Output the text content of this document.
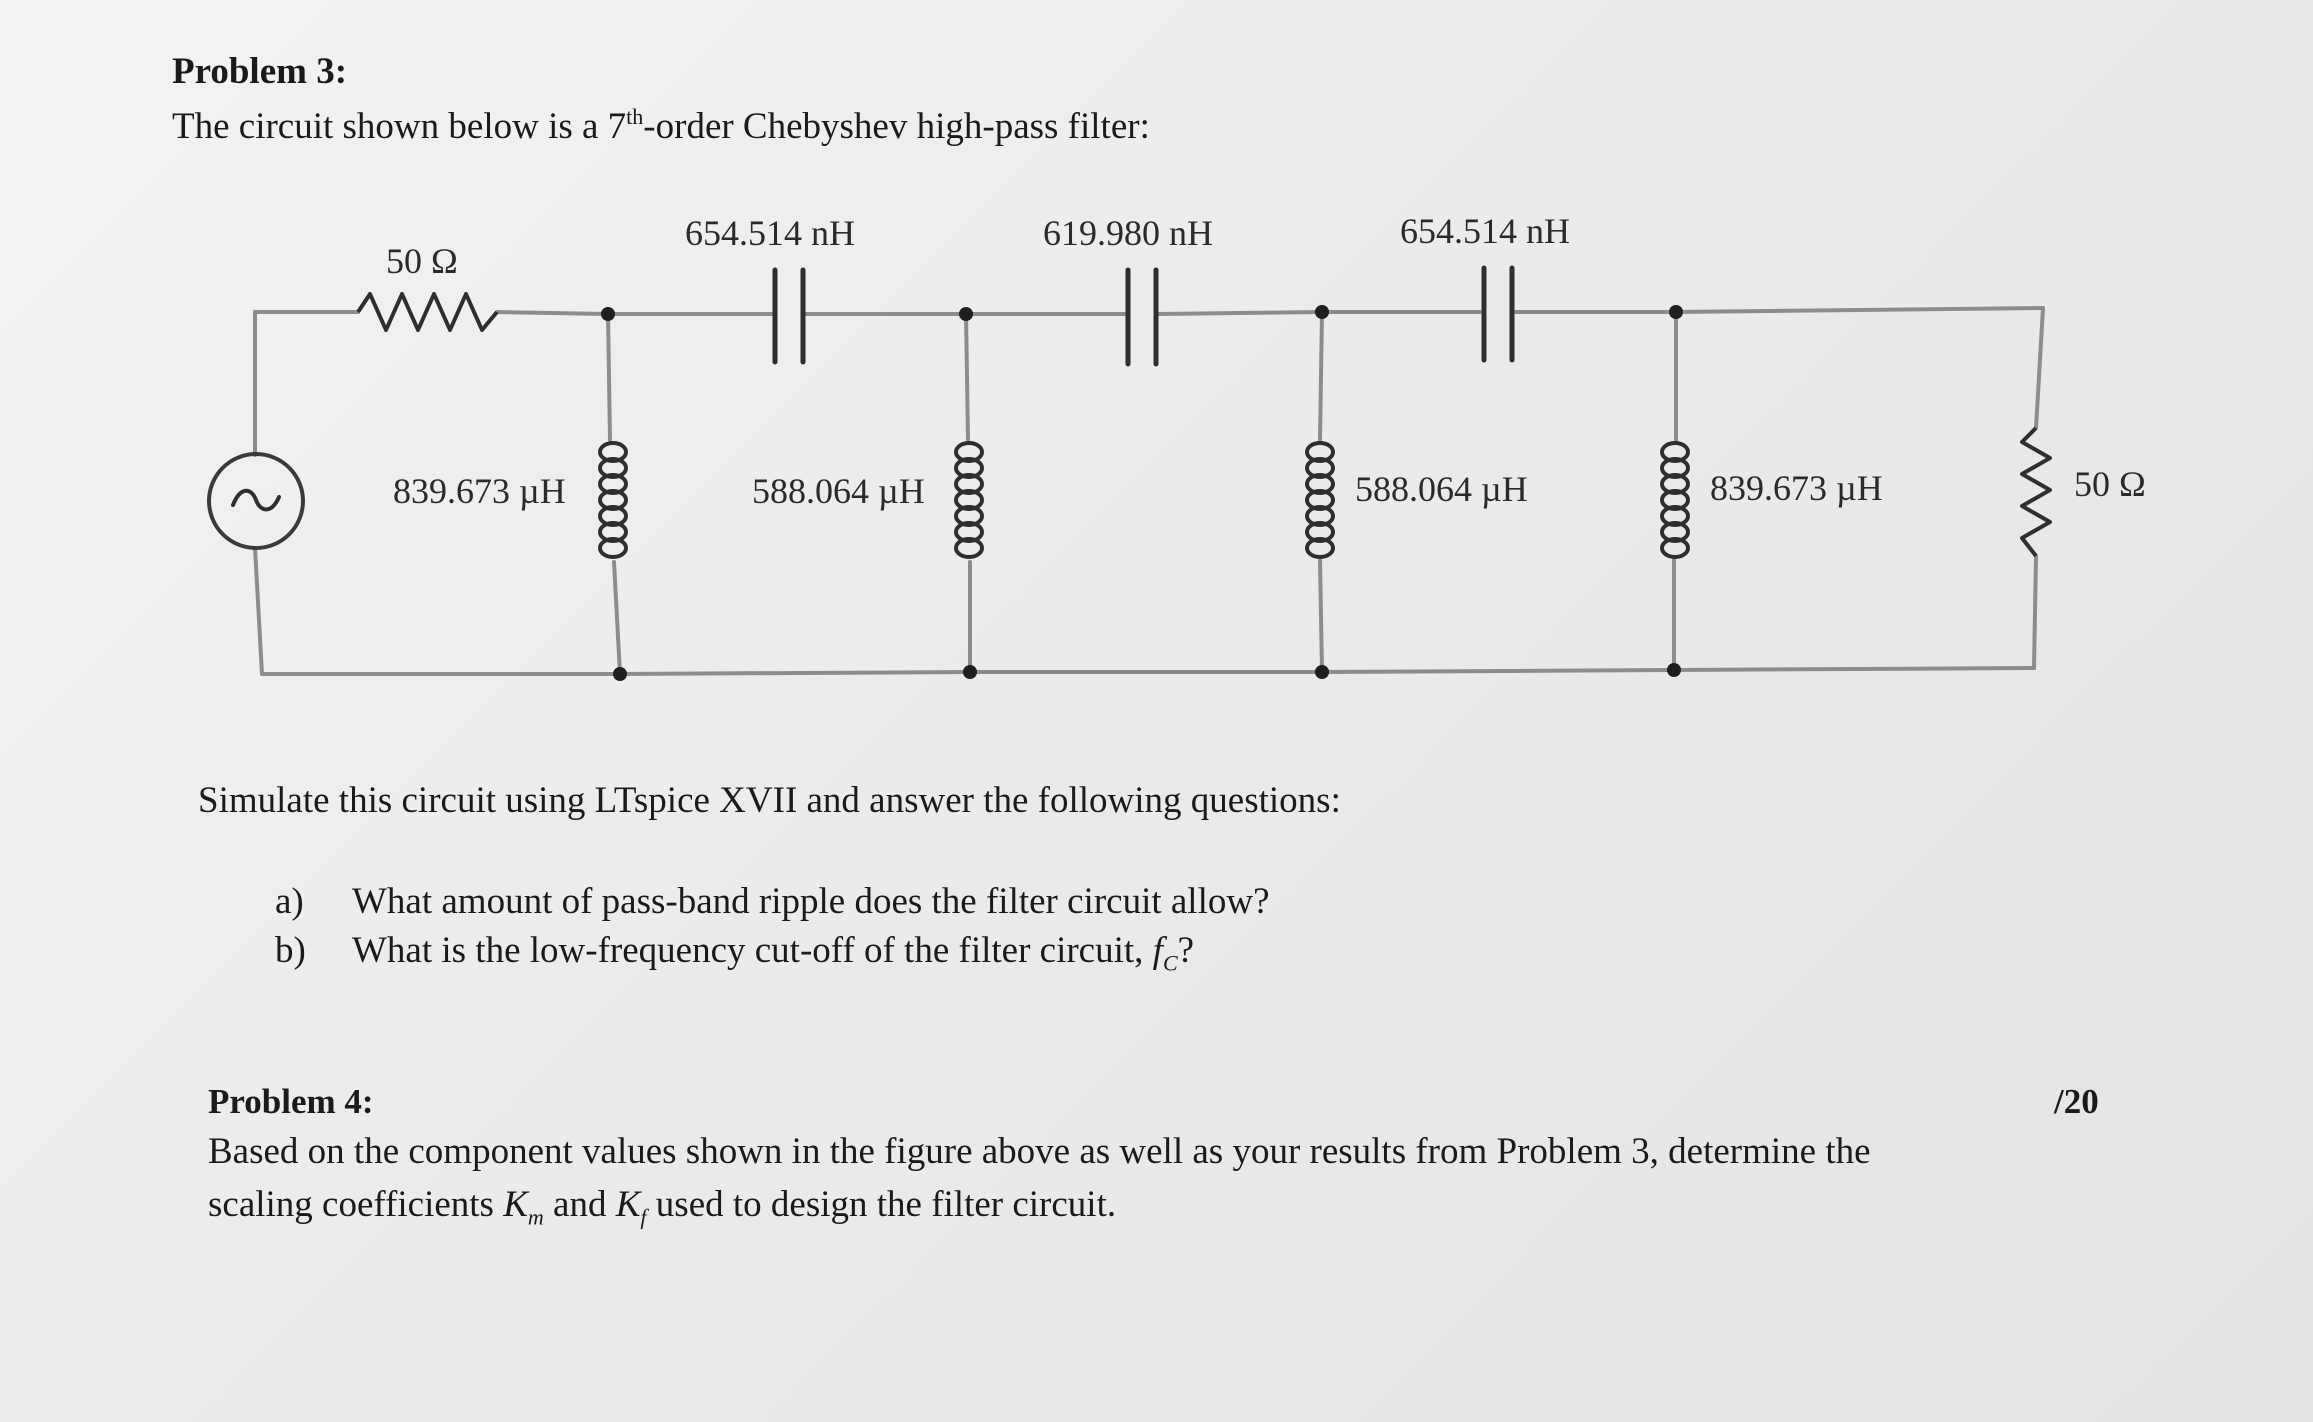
Problem 3:
The circuit shown below is a 7th-order Chebyshev high-pass filter:
50 Ω
654.514 nH	619.980 nH	654.514 nH
839.673 µH	588.064 µH	588.064 µH	839.673 µH	50 Ω
Simulate this circuit using LTspice XVII and answer the following questions:
a) What amount of pass-band ripple does the filter circuit allow?
b) What is the low-frequency cut-off of the filter circuit, $f_C$?
Problem 4:	/20
Based on the component values shown in the figure above as well as your results from Problem 3, determine the
scaling coefficients $K_m$ and $K_f$ used to design the filter circuit.
